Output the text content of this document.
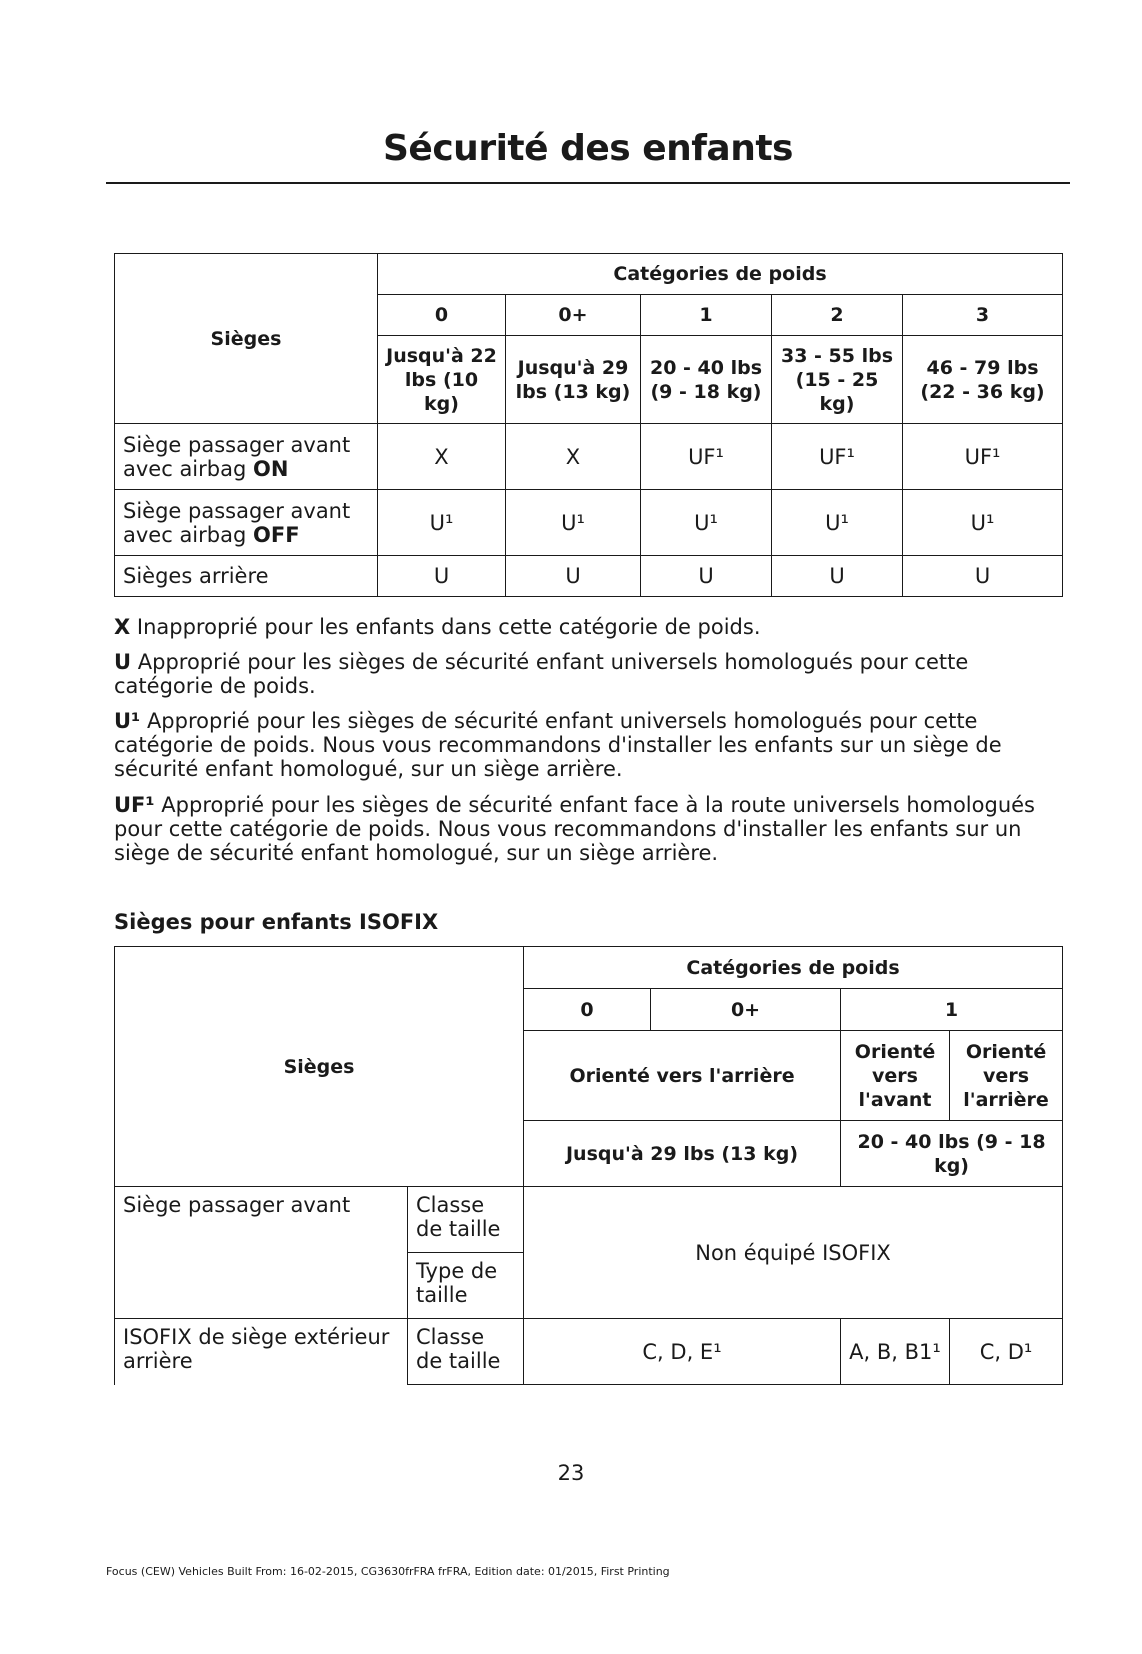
Sécurité des enfants
Sièges	Catégories de poids				
	0	0+	1	2	3
	Jusqu'à 22 lbs (10 kg)	Jusqu'à 29 lbs (13 kg)	20 - 40 lbs (9 - 18 kg)	33 - 55 lbs (15 - 25 kg)	46 - 79 lbs (22 - 36 kg)
Siège passager avant avec airbag ON	X	X	UF¹	UF¹	UF¹
Siège passager avant avec airbag OFF	U¹	U¹	U¹	U¹	U¹
Sièges arrière	U	U	U	U	U
X Inapproprié pour les enfants dans cette catégorie de poids.
U Approprié pour les sièges de sécurité enfant universels homologués pour cette catégorie de poids.
U¹ Approprié pour les sièges de sécurité enfant universels homologués pour cette catégorie de poids. Nous vous recommandons d'installer les enfants sur un siège de sécurité enfant homologué, sur un siège arrière.
UF¹ Approprié pour les sièges de sécurité enfant face à la route universels homologués pour cette catégorie de poids. Nous vous recommandons d'installer les enfants sur un siège de sécurité enfant homologué, sur un siège arrière.
Sièges pour enfants ISOFIX
Sièges		Catégories de poids			
		0	0+	1	
		Orienté vers l'arrière		Orienté vers l'avant	Orienté vers l'arrière
		Jusqu'à 29 lbs (13 kg)		20 - 40 lbs (9 - 18 kg)	
Siège passager avant	Classe de taille	Non équipé ISOFIX			
	Type de taille				
ISOFIX de siège extérieur arrière	Classe de taille	C, D, E¹		A, B, B1¹	C, D¹
23
Focus (CEW) Vehicles Built From: 16-02-2015, CG3630frFRA frFRA, Edition date: 01/2015, First Printing
